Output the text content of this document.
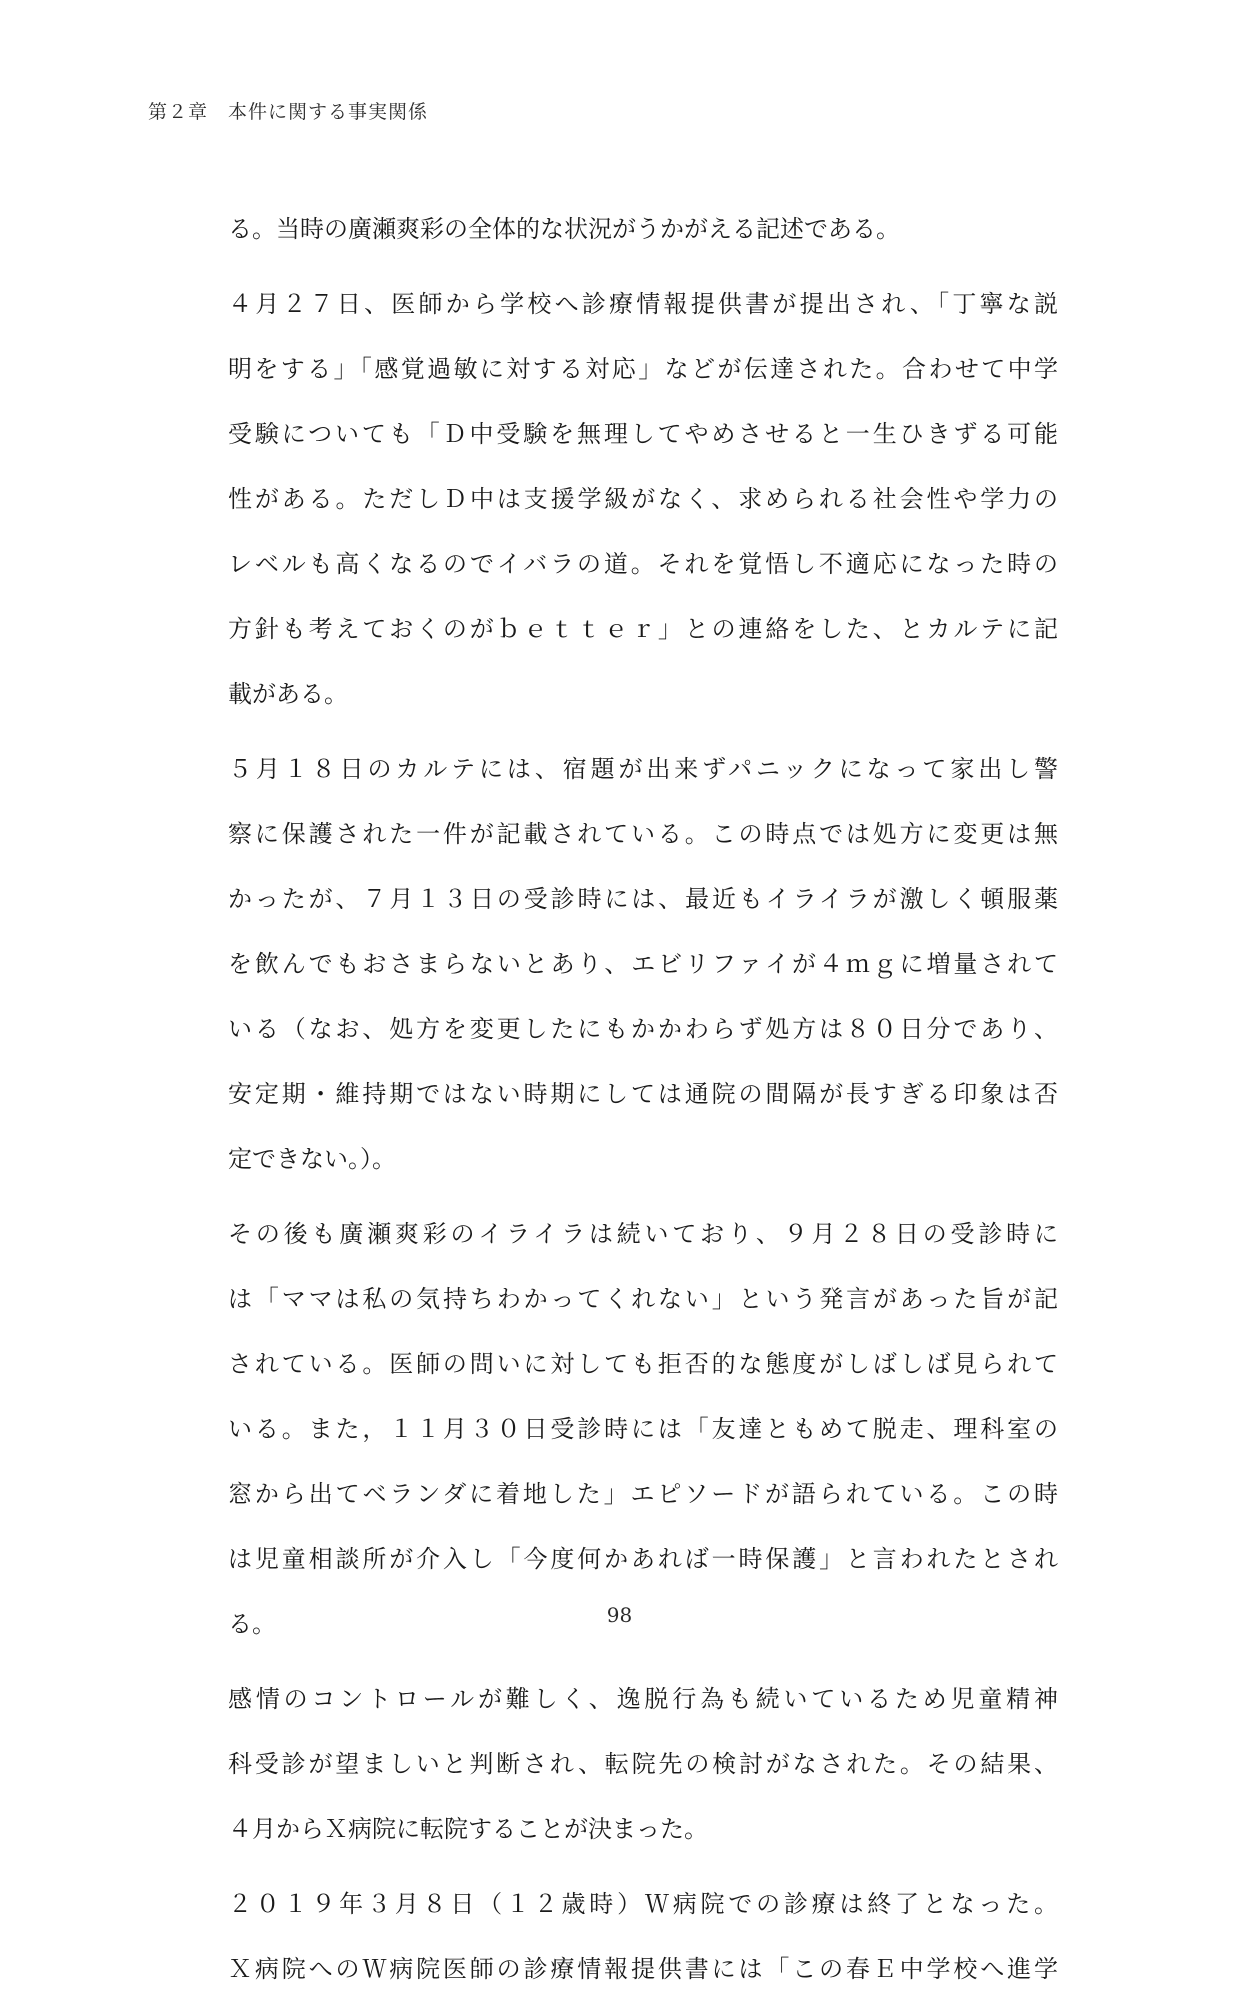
第２章　本件に関する事実関係
る。当時の廣瀬爽彩の全体的な状況がうかがえる記述である。
４月２７日、医師から学校へ診療情報提供書が提出され、「丁寧な説
明をする」「感覚過敏に対する対応」などが伝達された。合わせて中学
受験についても「Ｄ中受験を無理してやめさせると一生ひきずる可能
性がある。ただしＤ中は支援学級がなく、求められる社会性や学力の
レベルも高くなるのでイバラの道。それを覚悟し不適応になった時の
方針も考えておくのがｂｅｔｔｅｒ」との連絡をした、とカルテに記
載がある。
５月１８日のカルテには、宿題が出来ずパニックになって家出し警
察に保護された一件が記載されている。この時点では処方に変更は無
かったが、７月１３日の受診時には、最近もイライラが激しく頓服薬
を飲んでもおさまらないとあり、エビリファイが４ｍｇに増量されて
いる（なお、処方を変更したにもかかわらず処方は８０日分であり、
安定期・維持期ではない時期にしては通院の間隔が長すぎる印象は否
定できない。）。
その後も廣瀬爽彩のイライラは続いており、９月２８日の受診時に
は「ママは私の気持ちわかってくれない」という発言があった旨が記
されている。医師の問いに対しても拒否的な態度がしばしば見られて
いる。また，１１月３０日受診時には「友達ともめて脱走、理科室の
窓から出てベランダに着地した」エピソードが語られている。この時
は児童相談所が介入し「今度何かあれば一時保護」と言われたとされ
る。
感情のコントロールが難しく、逸脱行為も続いているため児童精神
科受診が望ましいと判断され、転院先の検討がなされた。その結果、
４月からＸ病院に転院することが決まった。
２０１９年３月８日（１２歳時）Ｗ病院での診療は終了となった。
Ｘ病院へのＷ病院医師の診療情報提供書には「この春Ｅ中学校へ進学
98
